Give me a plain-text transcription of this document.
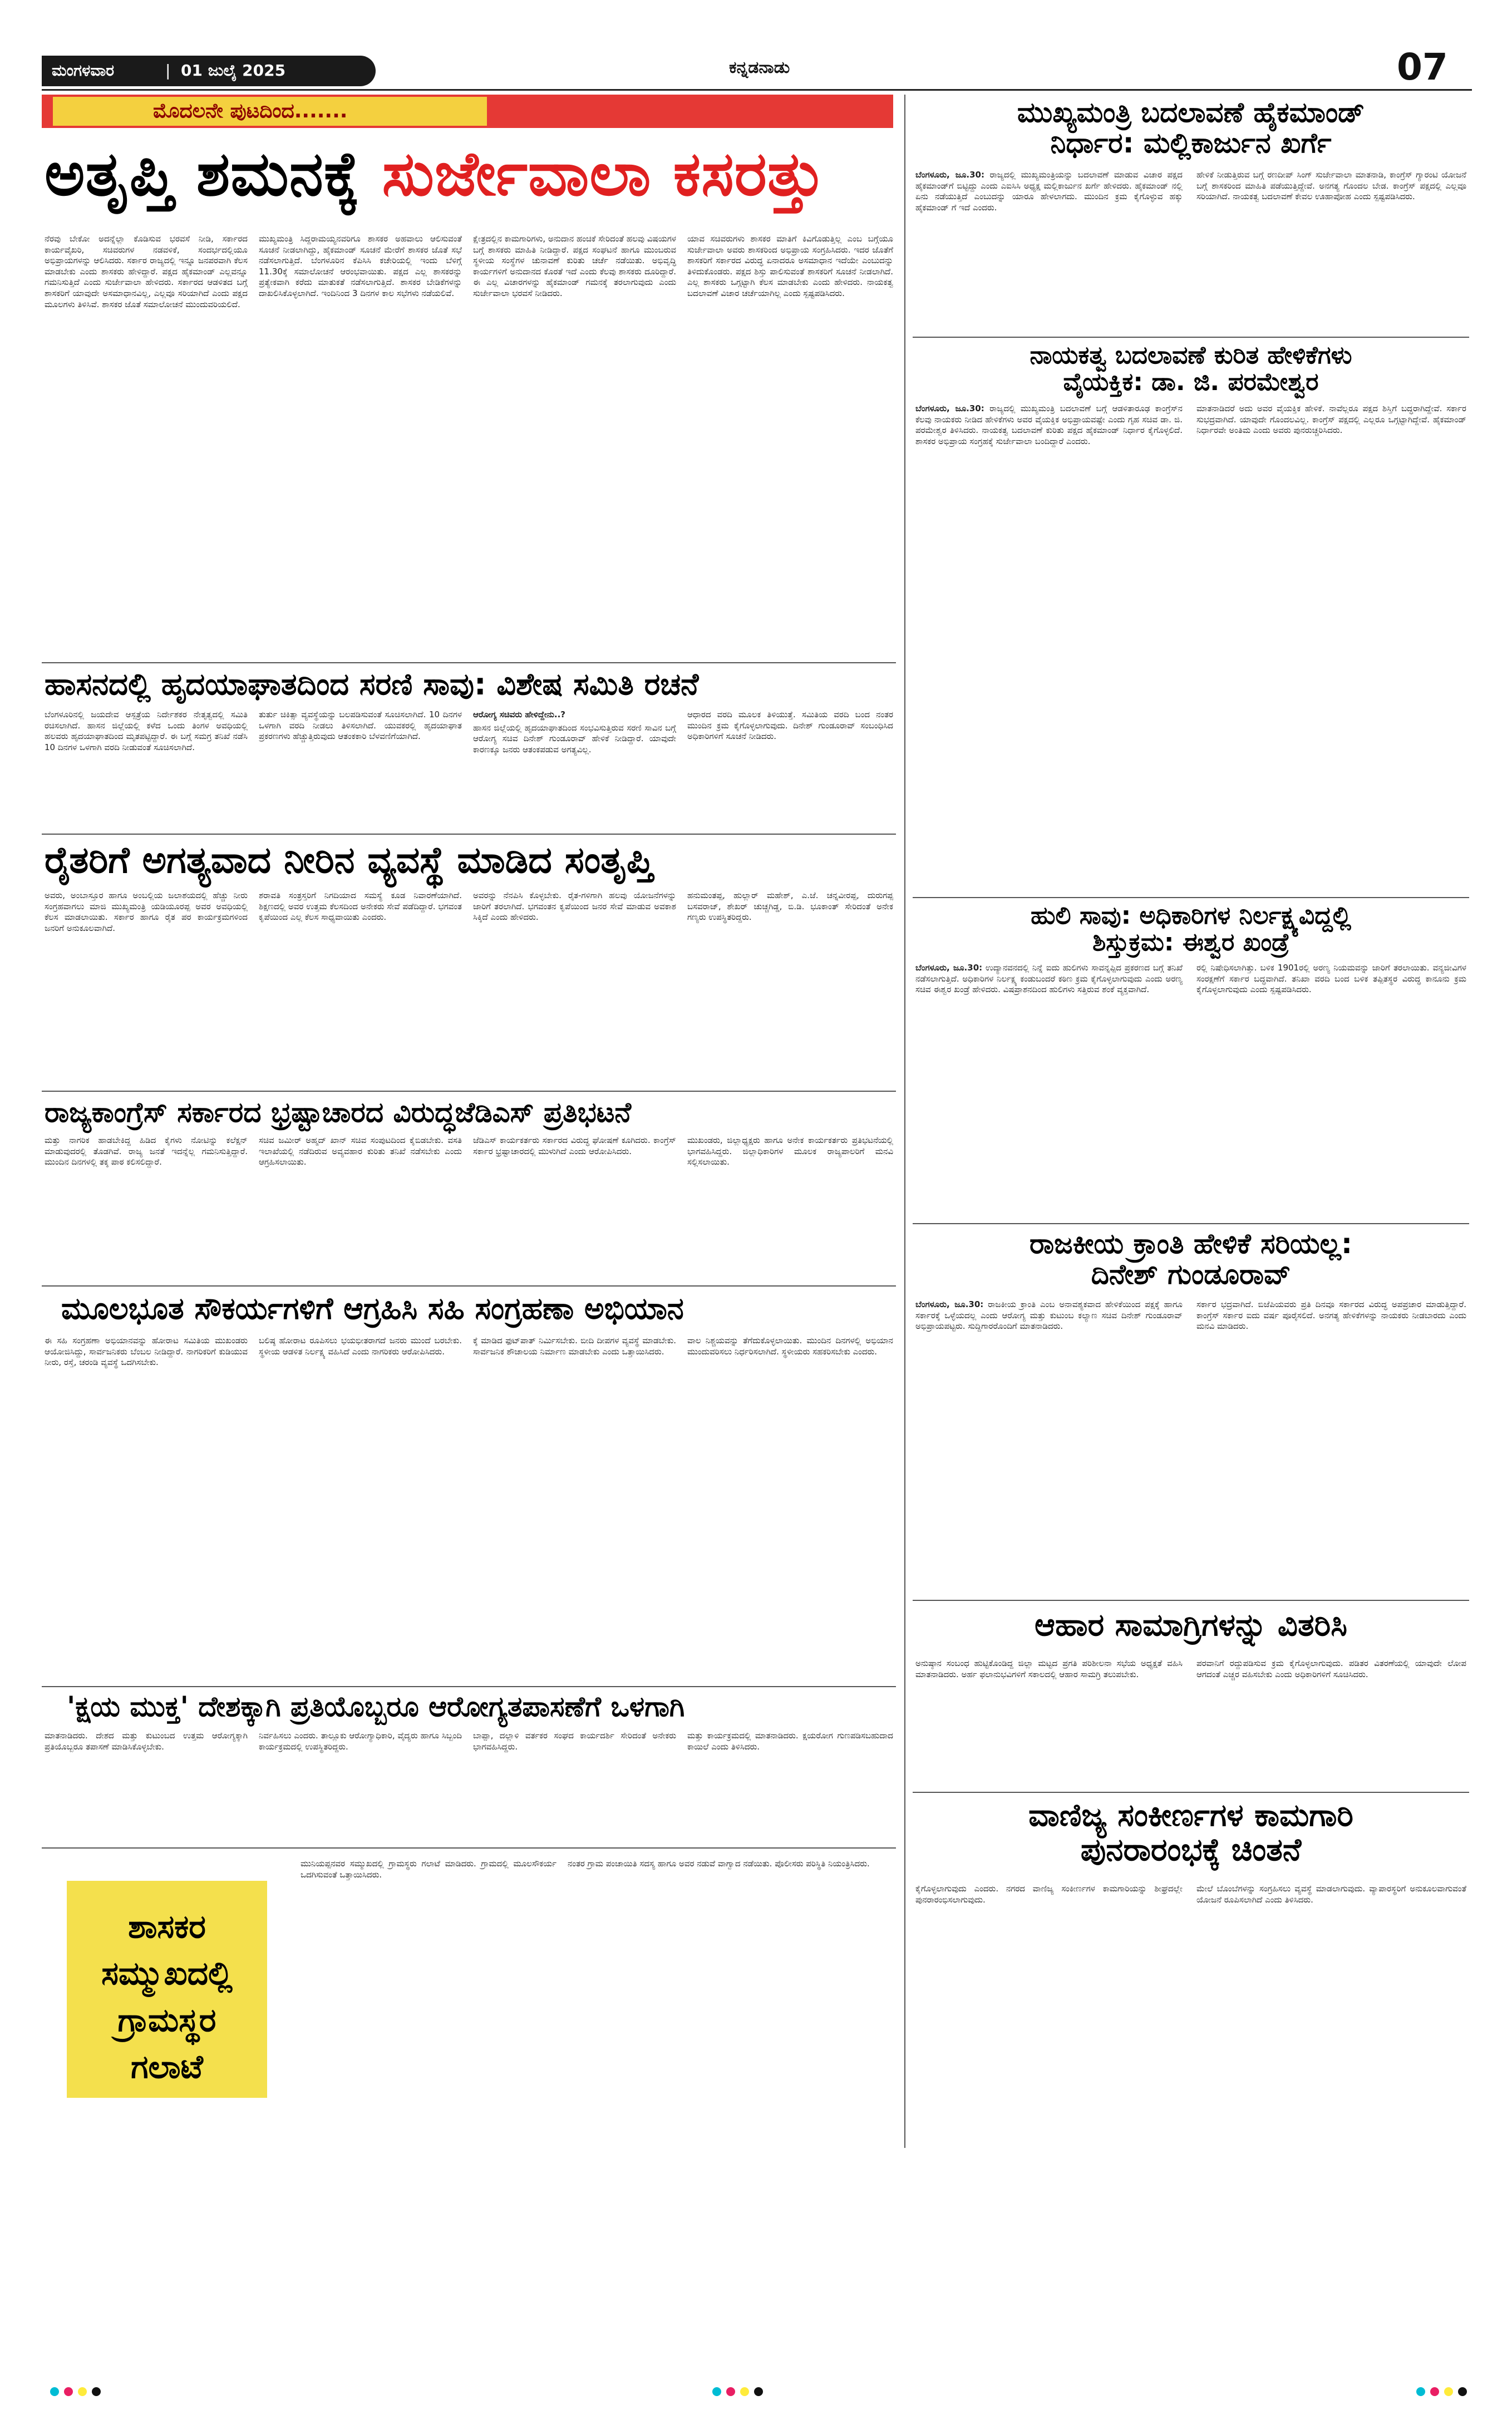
ಮಂಗಳವಾರ	| 01 ಜುಲೈ 2025	ಕನ್ನಡನಾಡು	07
ಮೊದಲನೇ ಪುಟದಿಂದ.......
ಅತೃಪ್ತಿ ಶಮನಕ್ಕೆ ಸುರ್ಜೇವಾಲಾ ಕಸರತ್ತು

ನೆರವು ಬೇಕೋ ಅದನ್ನೆಲ್ಲಾ ಕೊಡಿಸುವ ಭರವಸೆ ನೀಡಿ, ಸರ್ಕಾರದ ಕಾರ್ಯವೈಖರಿ, ಸಚಿವರುಗಳ ನಡವಳಿಕೆ, ಸಂದರ್ಭದಲ್ಲಿಯೂ ಅಭಿಪ್ರಾಯಗಳನ್ನು ಆಲಿಸಿದರು. ಸರ್ಕಾರ ರಾಜ್ಯದಲ್ಲಿ ಇನ್ನೂ ಜನಪರವಾಗಿ ಕೆಲಸ ಮಾಡಬೇಕು ಎಂದು ಶಾಸಕರು ಹೇಳಿದ್ದಾರೆ. ಪಕ್ಷದ ಹೈಕಮಾಂಡ್ ಎಲ್ಲವನ್ನೂ ಗಮನಿಸುತ್ತಿದೆ ಎಂದು ಸುರ್ಜೇವಾಲಾ ಹೇಳಿದರು. ಸರ್ಕಾರದ ಆಡಳಿತದ ಬಗ್ಗೆ ಶಾಸಕರಿಗೆ ಯಾವುದೇ ಅಸಮಾಧಾನವಿಲ್ಲ, ಎಲ್ಲವೂ ಸರಿಯಾಗಿದೆ ಎಂದು ಪಕ್ಷದ ಮೂಲಗಳು ತಿಳಿಸಿವೆ. ಶಾಸಕರ ಜೊತೆ ಸಮಾಲೋಚನೆ ಮುಂದುವರಿಯಲಿದೆ.

ಮುಖ್ಯಮಂತ್ರಿ ಸಿದ್ದರಾಮಯ್ಯನವರಿಗೂ ಶಾಸಕರ ಅಹವಾಲು ಆಲಿಸುವಂತೆ ಸೂಚನೆ ನೀಡಲಾಗಿದ್ದು, ಹೈಕಮಾಂಡ್ ಸೂಚನೆ ಮೇರೆಗೆ ಶಾಸಕರ ಜೊತೆ ಸಭೆ ನಡೆಸಲಾಗುತ್ತಿದೆ. ಬೆಂಗಳೂರಿನ ಕೆಪಿಸಿಸಿ ಕಚೇರಿಯಲ್ಲಿ ಇಂದು ಬೆಳಿಗ್ಗೆ 11.30ಕ್ಕೆ ಸಮಾಲೋಚನೆ ಆರಂಭವಾಯಿತು. ಪಕ್ಷದ ಎಲ್ಲ ಶಾಸಕರನ್ನು ಪ್ರತ್ಯೇಕವಾಗಿ ಕರೆದು ಮಾತುಕತೆ ನಡೆಸಲಾಗುತ್ತಿದೆ. ಶಾಸಕರ ಬೇಡಿಕೆಗಳನ್ನು ದಾಖಲಿಸಿಕೊಳ್ಳಲಾಗಿದೆ. ಇಂದಿನಿಂದ 3 ದಿನಗಳ ಕಾಲ ಸಭೆಗಳು ನಡೆಯಲಿವೆ.

ಕ್ಷೇತ್ರದಲ್ಲಿನ ಕಾಮಗಾರಿಗಳು, ಅನುದಾನ ಹಂಚಿಕೆ ಸೇರಿದಂತೆ ಹಲವು ವಿಷಯಗಳ ಬಗ್ಗೆ ಶಾಸಕರು ಮಾಹಿತಿ ನೀಡಿದ್ದಾರೆ. ಪಕ್ಷದ ಸಂಘಟನೆ ಹಾಗೂ ಮುಂಬರುವ ಸ್ಥಳೀಯ ಸಂಸ್ಥೆಗಳ ಚುನಾವಣೆ ಕುರಿತು ಚರ್ಚೆ ನಡೆಯಿತು. ಅಭಿವೃದ್ಧಿ ಕಾರ್ಯಗಳಿಗೆ ಅನುದಾನದ ಕೊರತೆ ಇದೆ ಎಂದು ಕೆಲವು ಶಾಸಕರು ದೂರಿದ್ದಾರೆ. ಈ ಎಲ್ಲ ವಿಚಾರಗಳನ್ನು ಹೈಕಮಾಂಡ್ ಗಮನಕ್ಕೆ ತರಲಾಗುವುದು ಎಂದು ಸುರ್ಜೇವಾಲಾ ಭರವಸೆ ನೀಡಿದರು.

ಯಾವ ಸಚಿವರುಗಳು ಶಾಸಕರ ಮಾತಿಗೆ ಕಿವಿಗೊಡುತ್ತಿಲ್ಲ ಎಂಬ ಬಗ್ಗೆಯೂ ಸುರ್ಜೇವಾಲಾ ಅವರು ಶಾಸಕರಿಂದ ಅಭಿಪ್ರಾಯ ಸಂಗ್ರಹಿಸಿದರು. ಇದರ ಜೊತೆಗೆ ಶಾಸಕರಿಗೆ ಸರ್ಕಾರದ ವಿರುದ್ಧ ಏನಾದರೂ ಅಸಮಾಧಾನ ಇದೆಯೇ ಎಂಬುದನ್ನು ತಿಳಿದುಕೊಂಡರು. ಪಕ್ಷದ ಶಿಸ್ತು ಪಾಲಿಸುವಂತೆ ಶಾಸಕರಿಗೆ ಸೂಚನೆ ನೀಡಲಾಗಿದೆ. ಎಲ್ಲ ಶಾಸಕರು ಒಗ್ಗಟ್ಟಾಗಿ ಕೆಲಸ ಮಾಡಬೇಕು ಎಂದು ಹೇಳಿದರು. ನಾಯಕತ್ವ ಬದಲಾವಣೆ ವಿಚಾರ ಚರ್ಚೆಯಾಗಿಲ್ಲ ಎಂದು ಸ್ಪಷ್ಟಪಡಿಸಿದರು.

ಹಾಸನದಲ್ಲಿ ಹೃದಯಾಘಾತದಿಂದ ಸರಣಿ ಸಾವು: ವಿಶೇಷ ಸಮಿತಿ ರಚನೆ

ಬೆಂಗಳೂರಿನಲ್ಲಿ ಜಯದೇವ ಆಸ್ಪತ್ರೆಯ ನಿರ್ದೇಶಕರ ನೇತೃತ್ವದಲ್ಲಿ ಸಮಿತಿ ರಚಿಸಲಾಗಿದೆ. ಹಾಸನ ಜಿಲ್ಲೆಯಲ್ಲಿ ಕಳೆದ ಒಂದು ತಿಂಗಳ ಅವಧಿಯಲ್ಲಿ ಹಲವರು ಹೃದಯಾಘಾತದಿಂದ ಮೃತಪಟ್ಟಿದ್ದಾರೆ. ಈ ಬಗ್ಗೆ ಸಮಗ್ರ ತನಿಖೆ ನಡೆಸಿ 10 ದಿನಗಳ ಒಳಗಾಗಿ ವರದಿ ನೀಡುವಂತೆ ಸೂಚಿಸಲಾಗಿದೆ.

ತುರ್ತು ಚಿಕಿತ್ಸಾ ವ್ಯವಸ್ಥೆಯನ್ನು ಬಲಪಡಿಸುವಂತೆ ಸೂಚಿಸಲಾಗಿದೆ. 10 ದಿನಗಳ ಒಳಗಾಗಿ ವರದಿ ನೀಡಲು ತಿಳಿಸಲಾಗಿದೆ. ಯುವಕರಲ್ಲಿ ಹೃದಯಾಘಾತ ಪ್ರಕರಣಗಳು ಹೆಚ್ಚುತ್ತಿರುವುದು ಆತಂಕಕಾರಿ ಬೆಳವಣಿಗೆಯಾಗಿದೆ.

ಆರೋಗ್ಯ ಸಚಿವರು ಹೇಳಿದ್ದೇನು..?

ಹಾಸನ ಜಿಲ್ಲೆಯಲ್ಲಿ ಹೃದಯಾಘಾತದಿಂದ ಸಂಭವಿಸುತ್ತಿರುವ ಸರಣಿ ಸಾವಿನ ಬಗ್ಗೆ ಆರೋಗ್ಯ ಸಚಿವ ದಿನೇಶ್ ಗುಂಡೂರಾವ್ ಹೇಳಿಕೆ ನೀಡಿದ್ದಾರೆ. ಯಾವುದೇ ಕಾರಣಕ್ಕೂ ಜನರು ಆತಂಕಪಡುವ ಅಗತ್ಯವಿಲ್ಲ.

ಆಧಾರದ ವರದಿ ಮೂಲಕ ತಿಳಿಯುತ್ತೆ. ಸಮಿತಿಯ ವರದಿ ಬಂದ ನಂತರ ಮುಂದಿನ ಕ್ರಮ ಕೈಗೊಳ್ಳಲಾಗುವುದು. ದಿನೇಶ್ ಗುಂಡೂರಾವ್ ಸಂಬಂಧಿಸಿದ ಅಧಿಕಾರಿಗಳಿಗೆ ಸೂಚನೆ ನೀಡಿದರು.

ರೈತರಿಗೆ ಅಗತ್ಯವಾದ ನೀರಿನ ವ್ಯವಸ್ಥೆ ಮಾಡಿದ ಸಂತೃಪ್ತಿ

ಅವರು, ಅಂಬಾಸ್ತೂರ ಹಾಗೂ ಅಂಬಲ್ಲಿಯ ಜಲಾಶಯದಲ್ಲಿ ಹೆಚ್ಚು ನೀರು ಸಂಗ್ರಹವಾಗಲು ಮಾಜಿ ಮುಖ್ಯಮಂತ್ರಿ ಯಡಿಯೂರಪ್ಪ ಅವರ ಅವಧಿಯಲ್ಲಿ ಕೆಲಸ ಮಾಡಲಾಯಿತು. ಸರ್ಕಾರ ಹಾಗೂ ರೈತ ಪರ ಕಾರ್ಯಕ್ರಮಗಳಿಂದ ಜನರಿಗೆ ಅನುಕೂಲವಾಗಿದೆ.

ಶರಾವತಿ ಸಂತ್ರಸ್ತರಿಗೆ ನಿಗದಿಯಾದ ಸಮಸ್ಯೆ ಕೂಡ ನಿವಾರಣೆಯಾಗಿದೆ. ಶಿಕ್ಷಣದಲ್ಲಿ ಅವರ ಉತ್ತಮ ಕೆಲಸದಿಂದ ಅನೇಕರು ಸೇವೆ ಪಡೆದಿದ್ದಾರೆ. ಭಗವಂತ ಕೃಪೆಯಿಂದ ಎಲ್ಲ ಕೆಲಸ ಸಾಧ್ಯವಾಯಿತು ಎಂದರು.

ಅವರನ್ನು ನೆನಪಿಸಿ ಕೊಳ್ಳಬೇಕು. ರೈತ-ಗಳಿಗಾಗಿ ಹಲವು ಯೋಜನೆಗಳನ್ನು ಜಾರಿಗೆ ತರಲಾಗಿದೆ. ಭಗವಂತನ ಕೃಪೆಯಿಂದ ಜನರ ಸೇವೆ ಮಾಡುವ ಅವಕಾಶ ಸಿಕ್ಕಿದೆ ಎಂದು ಹೇಳಿದರು.

ಹನುಮಂತಪ್ಪ, ಹುಲ್ಲಾರ್ ಮಹೇಶ್, ಎ.ಜೆ. ಚನ್ನವೀರಪ್ಪ, ದುರುಗಪ್ಪ ಬಸವರಾಜ್, ಶೇಖರ್ ಚುಚ್ಚಗಿಡ್ಡ, ಬಿ.ಡಿ. ಭೂಕಾಂತ್ ಸೇರಿದಂತೆ ಅನೇಕ ಗಣ್ಯರು ಉಪಸ್ಥಿತರಿದ್ದರು.

ರಾಜ್ಯಕಾಂಗ್ರೆಸ್ ಸರ್ಕಾರದ ಭ್ರಷ್ಟಾಚಾರದ ವಿರುದ್ಧಜೆಡಿಎಸ್ ಪ್ರತಿಭಟನೆ

ಮತ್ತು ನಾಗರಿಕ ಹಾಡಬೇಕಿದ್ದ ಹಿಡಿದ ಕೈಗಳು ನೋಟಿನ್ನು ಕಲೆಕ್ಷನ್ ಮಾಡುವುದರಲ್ಲಿ ತೊಡಗಿವೆ. ರಾಜ್ಯ ಜನತೆ ಇದನ್ನೆಲ್ಲ ಗಮನಿಸುತ್ತಿದ್ದಾರೆ. ಮುಂದಿನ ದಿನಗಳಲ್ಲಿ ತಕ್ಕ ಪಾಠ ಕಲಿಸಲಿದ್ದಾರೆ.

ಸಚಿವ ಜಮೀರ್ ಅಹ್ಮದ್ ಖಾನ್ ಸಚಿವ ಸಂಪುಟದಿಂದ ಕೈಬಿಡಬೇಕು. ವಸತಿ ಇಲಾಖೆಯಲ್ಲಿ ನಡೆದಿರುವ ಅವ್ಯವಹಾರ ಕುರಿತು ತನಿಖೆ ನಡೆಸಬೇಕು ಎಂದು ಆಗ್ರಹಿಸಲಾಯಿತು.

ಜೆಡಿಎಸ್ ಕಾರ್ಯಕರ್ತರು ಸರ್ಕಾರದ ವಿರುದ್ಧ ಘೋಷಣೆ ಕೂಗಿದರು. ಕಾಂಗ್ರೆಸ್ ಸರ್ಕಾರ ಭ್ರಷ್ಟಾಚಾರದಲ್ಲಿ ಮುಳುಗಿದೆ ಎಂದು ಆರೋಪಿಸಿದರು.

ಮುಖಂಡರು, ಜಿಲ್ಲಾಧ್ಯಕ್ಷರು ಹಾಗೂ ಅನೇಕ ಕಾರ್ಯಕರ್ತರು ಪ್ರತಿಭಟನೆಯಲ್ಲಿ ಭಾಗವಹಿಸಿದ್ದರು. ಜಿಲ್ಲಾಧಿಕಾರಿಗಳ ಮೂಲಕ ರಾಜ್ಯಪಾಲರಿಗೆ ಮನವಿ ಸಲ್ಲಿಸಲಾಯಿತು.

ಮೂಲಭೂತ ಸೌಕರ್ಯಗಳಿಗೆ ಆಗ್ರಹಿಸಿ ಸಹಿ ಸಂಗ್ರಹಣಾ ಅಭಿಯಾನ

ಈ ಸಹಿ ಸಂಗ್ರಹಣಾ ಅಭಿಯಾನವನ್ನು ಹೋರಾಟ ಸಮಿತಿಯ ಮುಖಂಡರು ಆಯೋಜಿಸಿದ್ದು, ಸಾರ್ವಜನಿಕರು ಬೆಂಬಲ ನೀಡಿದ್ದಾರೆ. ನಾಗರಿಕರಿಗೆ ಕುಡಿಯುವ ನೀರು, ರಸ್ತೆ, ಚರಂಡಿ ವ್ಯವಸ್ಥೆ ಒದಗಿಸಬೇಕು.

ಬಲಿಷ್ಠ ಹೋರಾಟ ರೂಪಿಸಲು ಭಯಭೀತರಾಗದೆ ಜನರು ಮುಂದೆ ಬರಬೇಕು. ಸ್ಥಳೀಯ ಆಡಳಿತ ನಿರ್ಲಕ್ಷ್ಯ ವಹಿಸಿದೆ ಎಂದು ನಾಗರಿಕರು ಆರೋಪಿಸಿದರು.

ಕ್ಕೆ ಮಾಡಿದ ಫುಟ್‌ಪಾತ್ ನಿರ್ಮಿಸಬೇಕು. ಬೀದಿ ದೀಪಗಳ ವ್ಯವಸ್ಥೆ ಮಾಡಬೇಕು. ಸಾರ್ವಜನಿಕ ಶೌಚಾಲಯ ನಿರ್ಮಾಣ ಮಾಡಬೇಕು ಎಂದು ಒತ್ತಾಯಿಸಿದರು.

ವಾಲ ನಿಶ್ಚಯವನ್ನು ತೆಗೆದುಕೊಳ್ಳಲಾಯಿತು. ಮುಂದಿನ ದಿನಗಳಲ್ಲಿ ಅಭಿಯಾನ ಮುಂದುವರಿಸಲು ನಿರ್ಧರಿಸಲಾಗಿದೆ. ಸ್ಥಳೀಯರು ಸಹಕರಿಸಬೇಕು ಎಂದರು.

'ಕ್ಷಯ ಮುಕ್ತ' ದೇಶಕ್ಕಾಗಿ ಪ್ರತಿಯೊಬ್ಬರೂ ಆರೋಗ್ಯತಪಾಸಣೆಗೆ ಒಳಗಾಗಿ

ಮಾತನಾಡಿದರು. ದೇಶದ ಮತ್ತು ಕುಟುಂಬದ ಉತ್ತಮ ಆರೋಗ್ಯಕ್ಕಾಗಿ ಪ್ರತಿಯೊಬ್ಬರೂ ತಪಾಸಣೆ ಮಾಡಿಸಿಕೊಳ್ಳಬೇಕು.

ನಿರ್ವಹಿಸಲು ಎಂದರು. ತಾಲ್ಲೂಕು ಆರೋಗ್ಯಾಧಿಕಾರಿ, ವೈದ್ಯರು ಹಾಗೂ ಸಿಬ್ಬಂದಿ ಕಾರ್ಯಕ್ರಮದಲ್ಲಿ ಉಪಸ್ಥಿತರಿದ್ದರು.

ಬಾಪ್ಪಾ, ದಲ್ಲಾಳಿ ವರ್ತಕರ ಸಂಘದ ಕಾರ್ಯದರ್ಶಿ ಸೇರಿದಂತೆ ಅನೇಕರು ಭಾಗವಹಿಸಿದ್ದರು.

ಮತ್ತು ಕಾರ್ಯಕ್ರಮದಲ್ಲಿ ಮಾತನಾಡಿದರು. ಕ್ಷಯರೋಗ ಗುಣಪಡಿಸಬಹುದಾದ ಕಾಯಿಲೆ ಎಂದು ತಿಳಿಸಿದರು.

ಶಾಸಕರ ಸಮ್ಮುಖದಲ್ಲಿ ಗ್ರಾಮಸ್ಥರ ಗಲಾಟೆ

ಮುನಿಯಪ್ಪನವರ ಸಮ್ಮುಖದಲ್ಲಿ ಗ್ರಾಮಸ್ಥರು ಗಲಾಟೆ ಮಾಡಿದರು. ಗ್ರಾಮದಲ್ಲಿ ಮೂಲಸೌಕರ್ಯ ಒದಗಿಸುವಂತೆ ಒತ್ತಾಯಿಸಿದರು.

ನಂತರ ಗ್ರಾಮ ಪಂಚಾಯಿತಿ ಸದಸ್ಯ ಹಾಗೂ ಅವರ ನಡುವೆ ವಾಗ್ವಾದ ನಡೆಯಿತು. ಪೊಲೀಸರು ಪರಿಸ್ಥಿತಿ ನಿಯಂತ್ರಿಸಿದರು.

ಮುಖ್ಯಮಂತ್ರಿ ಬದಲಾವಣೆ ಹೈಕಮಾಂಡ್
ನಿರ್ಧಾರ: ಮಲ್ಲಿಕಾರ್ಜುನ ಖರ್ಗೆ

ಬೆಂಗಳೂರು, ಜೂ.30: ರಾಜ್ಯದಲ್ಲಿ ಮುಖ್ಯಮಂತ್ರಿಯನ್ನು ಬದಲಾವಣೆ ಮಾಡುವ ವಿಚಾರ ಪಕ್ಷದ ಹೈಕಮಾಂಡ್‌ಗೆ ಬಿಟ್ಟಿದ್ದು ಎಂದು ಎಐಸಿಸಿ ಅಧ್ಯಕ್ಷ ಮಲ್ಲಿಕಾರ್ಜುನ ಖರ್ಗೆ ಹೇಳಿದರು. ಹೈಕಮಾಂಡ್ ನಲ್ಲಿ ಏನು ನಡೆಯುತ್ತಿದೆ ಎಂಬುದನ್ನು ಯಾರೂ ಹೇಳಲಾಗದು. ಮುಂದಿನ ಕ್ರಮ ಕೈಗೊಳ್ಳುವ ಹಕ್ಕು ಹೈಕಮಾಂಡ್ ಗೆ ಇದೆ ಎಂದರು.

ಹೇಳಿಕೆ ನೀಡುತ್ತಿರುವ ಬಗ್ಗೆ ರಣದೀಪ್ ಸಿಂಗ್ ಸುರ್ಜೇವಾಲಾ ಮಾತನಾಡಿ, ಕಾಂಗ್ರೆಸ್ ಗ್ಯಾರಂಟಿ ಯೋಜನೆ ಬಗ್ಗೆ ಶಾಸಕರಿಂದ ಮಾಹಿತಿ ಪಡೆಯುತ್ತಿದ್ದೇವೆ. ಅನಗತ್ಯ ಗೊಂದಲ ಬೇಡ. ಕಾಂಗ್ರೆಸ್ ಪಕ್ಷದಲ್ಲಿ ಎಲ್ಲವೂ ಸರಿಯಾಗಿದೆ. ನಾಯಕತ್ವ ಬದಲಾವಣೆ ಕೇವಲ ಊಹಾಪೋಹ ಎಂದು ಸ್ಪಷ್ಟಪಡಿಸಿದರು.

ನಾಯಕತ್ವ ಬದಲಾವಣೆ ಕುರಿತ ಹೇಳಿಕೆಗಳು
ವೈಯಕ್ತಿಕ: ಡಾ. ಜಿ. ಪರಮೇಶ್ವರ

ಬೆಂಗಳೂರು, ಜೂ.30: ರಾಜ್ಯದಲ್ಲಿ ಮುಖ್ಯಮಂತ್ರಿ ಬದಲಾವಣೆ ಬಗ್ಗೆ ಆಡಳಿತಾರೂಢ ಕಾಂಗ್ರೆಸ್‌ನ ಕೆಲವು ನಾಯಕರು ನೀಡಿದ ಹೇಳಿಕೆಗಳು ಅವರ ವೈಯಕ್ತಿಕ ಅಭಿಪ್ರಾಯವಷ್ಟೇ ಎಂದು ಗೃಹ ಸಚಿವ ಡಾ. ಜಿ. ಪರಮೇಶ್ವರ ತಿಳಿಸಿದರು. ನಾಯಕತ್ವ ಬದಲಾವಣೆ ಕುರಿತು ಪಕ್ಷದ ಹೈಕಮಾಂಡ್ ನಿರ್ಧಾರ ಕೈಗೊಳ್ಳಲಿದೆ. ಶಾಸಕರ ಅಭಿಪ್ರಾಯ ಸಂಗ್ರಹಕ್ಕೆ ಸುರ್ಜೇವಾಲಾ ಬಂದಿದ್ದಾರೆ ಎಂದರು.

ಮಾತನಾಡಿದರೆ ಅದು ಅವರ ವೈಯಕ್ತಿಕ ಹೇಳಿಕೆ. ನಾವೆಲ್ಲರೂ ಪಕ್ಷದ ಶಿಸ್ತಿಗೆ ಬದ್ಧರಾಗಿದ್ದೇವೆ. ಸರ್ಕಾರ ಸುಭದ್ರವಾಗಿದೆ. ಯಾವುದೇ ಗೊಂದಲವಿಲ್ಲ. ಕಾಂಗ್ರೆಸ್ ಪಕ್ಷದಲ್ಲಿ ಎಲ್ಲರೂ ಒಗ್ಗಟ್ಟಾಗಿದ್ದೇವೆ. ಹೈಕಮಾಂಡ್ ನಿರ್ಧಾರವೇ ಅಂತಿಮ ಎಂದು ಅವರು ಪುನರುಚ್ಚರಿಸಿದರು.

ಹುಲಿ ಸಾವು: ಅಧಿಕಾರಿಗಳ ನಿರ್ಲಕ್ಷ್ಯವಿದ್ದಲ್ಲಿ
ಶಿಸ್ತುಕ್ರಮ: ಈಶ್ವರ ಖಂಡ್ರೆ

ಬೆಂಗಳೂರು, ಜೂ.30: ಉದ್ಯಾನವನದಲ್ಲಿ ನಿನ್ನೆ ಐದು ಹುಲಿಗಳು ಸಾವನ್ನಪ್ಪಿದ ಪ್ರಕರಣದ ಬಗ್ಗೆ ತನಿಖೆ ನಡೆಸಲಾಗುತ್ತಿದೆ. ಅಧಿಕಾರಿಗಳ ನಿರ್ಲಕ್ಷ್ಯ ಕಂಡುಬಂದರೆ ಕಠಿಣ ಕ್ರಮ ಕೈಗೊಳ್ಳಲಾಗುವುದು ಎಂದು ಅರಣ್ಯ ಸಚಿವ ಈಶ್ವರ ಖಂಡ್ರೆ ಹೇಳಿದರು. ವಿಷಪ್ರಾಶನದಿಂದ ಹುಲಿಗಳು ಸತ್ತಿರುವ ಶಂಕೆ ವ್ಯಕ್ತವಾಗಿದೆ.

ರಲ್ಲಿ ನಿಷೇಧಿಸಲಾಗಿತ್ತು. ಬಳಿಕ 1901ರಲ್ಲಿ ಅರಣ್ಯ ನಿಯಮವನ್ನು ಜಾರಿಗೆ ತರಲಾಯಿತು. ವನ್ಯಜೀವಿಗಳ ಸಂರಕ್ಷಣೆಗೆ ಸರ್ಕಾರ ಬದ್ಧವಾಗಿದೆ. ತನಿಖಾ ವರದಿ ಬಂದ ಬಳಿಕ ತಪ್ಪಿತಸ್ಥರ ವಿರುದ್ಧ ಕಾನೂನು ಕ್ರಮ ಕೈಗೊಳ್ಳಲಾಗುವುದು ಎಂದು ಸ್ಪಷ್ಟಪಡಿಸಿದರು.

ರಾಜಕೀಯ ಕ್ರಾಂತಿ ಹೇಳಿಕೆ ಸರಿಯಲ್ಲ:
ದಿನೇಶ್ ಗುಂಡೂರಾವ್

ಬೆಂಗಳೂರು, ಜೂ.30: ರಾಜಕೀಯ ಕ್ರಾಂತಿ ಎಂಬ ಅನಾವಶ್ಯಕವಾದ ಹೇಳಿಕೆಯಿಂದ ಪಕ್ಷಕ್ಕೆ ಹಾಗೂ ಸರ್ಕಾರಕ್ಕೆ ಒಳ್ಳೆಯದಲ್ಲ ಎಂದು ಆರೋಗ್ಯ ಮತ್ತು ಕುಟುಂಬ ಕಲ್ಯಾಣ ಸಚಿವ ದಿನೇಶ್ ಗುಂಡೂರಾವ್ ಅಭಿಪ್ರಾಯಪಟ್ಟರು. ಸುದ್ದಿಗಾರರೊಂದಿಗೆ ಮಾತನಾಡಿದರು.

ಸರ್ಕಾರ ಭದ್ರವಾಗಿದೆ. ಬಿಜೆಪಿಯವರು ಪ್ರತಿ ದಿನವೂ ಸರ್ಕಾರದ ವಿರುದ್ಧ ಅಪಪ್ರಚಾರ ಮಾಡುತ್ತಿದ್ದಾರೆ. ಕಾಂಗ್ರೆಸ್ ಸರ್ಕಾರ ಐದು ವರ್ಷ ಪೂರೈಸಲಿದೆ. ಅನಗತ್ಯ ಹೇಳಿಕೆಗಳನ್ನು ನಾಯಕರು ನೀಡಬಾರದು ಎಂದು ಮನವಿ ಮಾಡಿದರು.

ಆಹಾರ ಸಾಮಾಗ್ರಿಗಳನ್ನು ವಿತರಿಸಿ

ಅನುಷ್ಠಾನ ಸಂಬಂಧ ಹುಟ್ಟಿಕೊಂಡಿದ್ದ ಜಿಲ್ಲಾ ಮಟ್ಟದ ಪ್ರಗತಿ ಪರಿಶೀಲನಾ ಸಭೆಯ ಅಧ್ಯಕ್ಷತೆ ವಹಿಸಿ ಮಾತನಾಡಿದರು. ಅರ್ಹ ಫಲಾನುಭವಿಗಳಿಗೆ ಸಕಾಲದಲ್ಲಿ ಆಹಾರ ಸಾಮಗ್ರಿ ತಲುಪಬೇಕು.

ಪರವಾನಿಗೆ ರದ್ದುಪಡಿಸುವ ಕ್ರಮ ಕೈಗೊಳ್ಳಲಾಗುವುದು. ಪಡಿತರ ವಿತರಣೆಯಲ್ಲಿ ಯಾವುದೇ ಲೋಪ ಆಗದಂತೆ ಎಚ್ಚರ ವಹಿಸಬೇಕು ಎಂದು ಅಧಿಕಾರಿಗಳಿಗೆ ಸೂಚಿಸಿದರು.

ವಾಣಿಜ್ಯ ಸಂಕೀರ್ಣಗಳ ಕಾಮಗಾರಿ
ಪುನರಾರಂಭಕ್ಕೆ ಚಿಂತನೆ

ಕೈಗೊಳ್ಳಲಾಗುವುದು ಎಂದರು. ನಗರದ ವಾಣಿಜ್ಯ ಸಂಕೀರ್ಣಗಳ ಕಾಮಗಾರಿಯನ್ನು ಶೀಘ್ರದಲ್ಲೇ ಪುನರಾರಂಭಿಸಲಾಗುವುದು.

ಮೇಲೆ ಬೊಂಬೆಗಳನ್ನು ಸಂಗ್ರಹಿಸಲು ವ್ಯವಸ್ಥೆ ಮಾಡಲಾಗುವುದು. ವ್ಯಾಪಾರಸ್ಥರಿಗೆ ಅನುಕೂಲವಾಗುವಂತೆ ಯೋಜನೆ ರೂಪಿಸಲಾಗಿದೆ ಎಂದು ತಿಳಿಸಿದರು.
